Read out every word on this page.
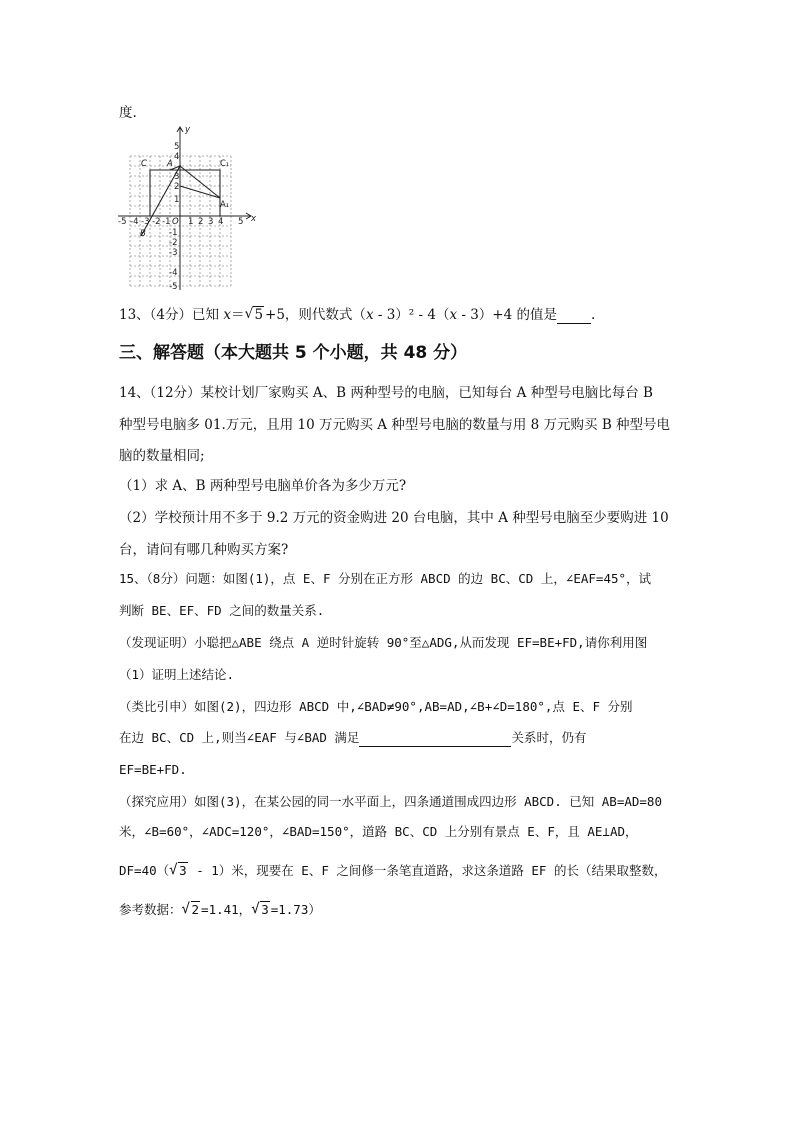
度.
y
x
O
-5 -4 -3 -2 -1 1 2 3 4 5
5
4
3
2
1
-1
-2
-3
-4
-5
C A	C₁
A₁
B
13、（4分）已知 x＝ √ 5 +5，则代数式（x - 3）² - 4（x - 3）+4 的值是	.
三、解答题（本大题共 5 个小题，共 48 分）
14、（12分）某校计划厂家购买 A、B 两种型号的电脑，已知每台 A 种型号电脑比每台 B
种型号电脑多 01.万元，且用 10 万元购买 A 种型号电脑的数量与用 8 万元购买 B 种型号电
脑的数量相同;
（1）求 A、B 两种型号电脑单价各为多少万元?
（2）学校预计用不多于 9.2 万元的资金购进 20 台电脑，其中 A 种型号电脑至少要购进 10
台，请问有哪几种购买方案?
15、（8分）问题：如图(1)，点 E、F 分别在正方形 ABCD 的边 BC、CD 上，∠EAF=45°，试
判断 BE、EF、FD 之间的数量关系.
（发现证明）小聪把△ABE 绕点 A 逆时针旋转 90°至△ADG,从而发现 EF=BE+FD,请你利用图
（1）证明上述结论.
（类比引申）如图(2)，四边形 ABCD 中,∠BAD≠90°,AB=AD,∠B+∠D=180°,点 E、F 分别
在边 BC、CD 上,则当∠EAF 与∠BAD 满足	关系时，仍有
EF=BE+FD.
（探究应用）如图(3)，在某公园的同一水平面上，四条通道围成四边形 ABCD. 已知 AB=AD=80
米，∠B=60°，∠ADC=120°，∠BAD=150°，道路 BC、CD 上分别有景点 E、F，且 AE⊥AD，
DF=40（ √ 3 - 1）米，现要在 E、F 之间修一条笔直道路，求这条道路 EF 的长（结果取整数，
参考数据： √ 2 =1.41， √ 3 =1.73）
